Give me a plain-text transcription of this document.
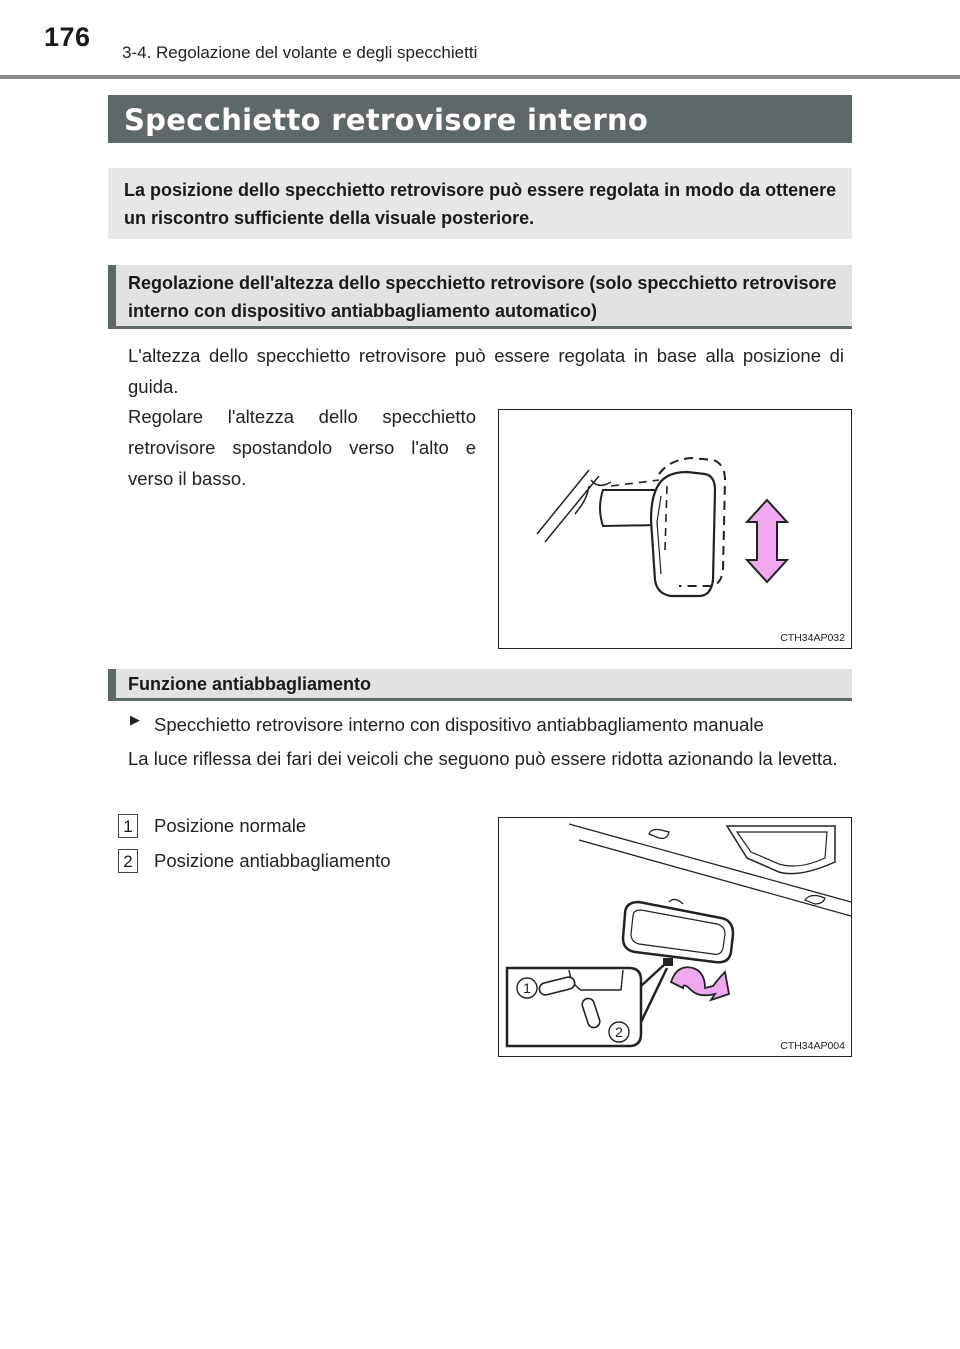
176
3-4. Regolazione del volante e degli specchietti
Specchietto retrovisore interno
La posizione dello specchietto retrovisore può essere regolata in modo da ottenere un riscontro sufficiente della visuale posteriore.
Regolazione dell'altezza dello specchietto retrovisore (solo specchietto retrovisore interno con dispositivo antiabbagliamento automatico)
L'altezza dello specchietto retrovisore può essere regolata in base alla posizione di guida.
Regolare l'altezza dello specchietto retrovisore spostandolo verso l'alto e verso il basso.
CTH34AP032
Funzione antiabbagliamento
▶ Specchietto retrovisore interno con dispositivo antiabbagliamento manuale
La luce riflessa dei fari dei veicoli che seguono può essere ridotta azionando la levetta.
1 Posizione normale
2 Posizione antiabbagliamento
1
2
CTH34AP004
